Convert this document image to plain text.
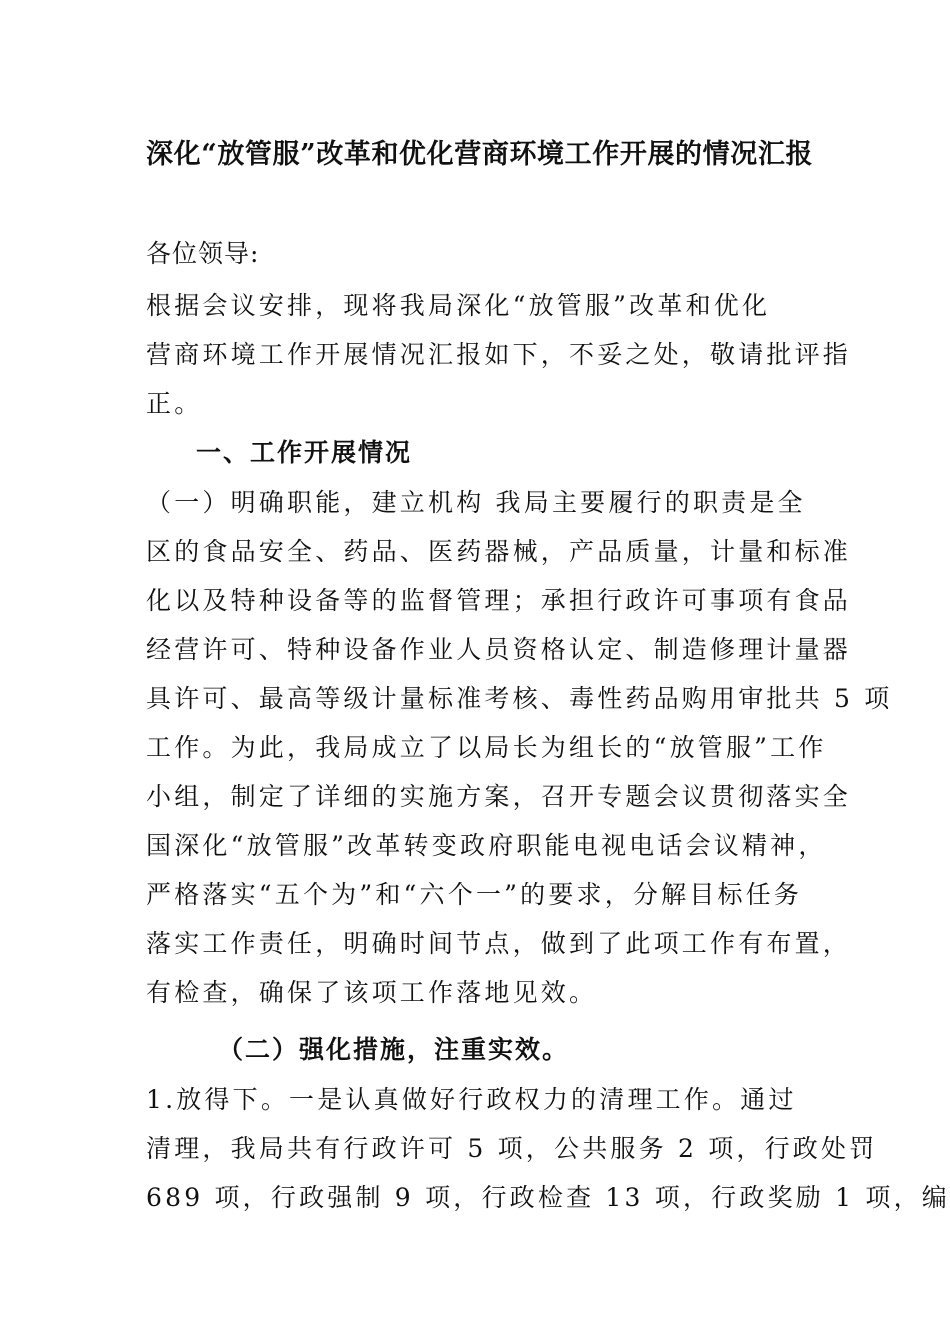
深化“放管服”改革和优化营商环境工作开展的情况汇报
各位领导:
根据会议安排，现将我局深化“放管服”改革和优化
营商环境工作开展情况汇报如下，不妥之处，敬请批评指
正。
一、工作开展情况
（一）明确职能，建立机构 我局主要履行的职责是全
区的食品安全、药品、医药器械，产品质量，计量和标准
化以及特种设备等的监督管理；承担行政许可事项有食品
经营许可、特种设备作业人员资格认定、制造修理计量器
具许可、最高等级计量标准考核、毒性药品购用审批共 5 项
工作。为此，我局成立了以局长为组长的“放管服”工作
小组，制定了详细的实施方案，召开专题会议贯彻落实全
国深化“放管服”改革转变政府职能电视电话会议精神，
严格落实“五个为”和“六个一”的要求，分解目标任务
落实工作责任，明确时间节点，做到了此项工作有布置，
有检查，确保了该项工作落地见效。
（二）强化措施，注重实效。
1.放得下。一是认真做好行政权力的清理工作。通过
清理，我局共有行政许可 5 项，公共服务 2 项，行政处罚
689 项，行政强制 9 项，行政检查 13 项，行政奖励 1 项，编
